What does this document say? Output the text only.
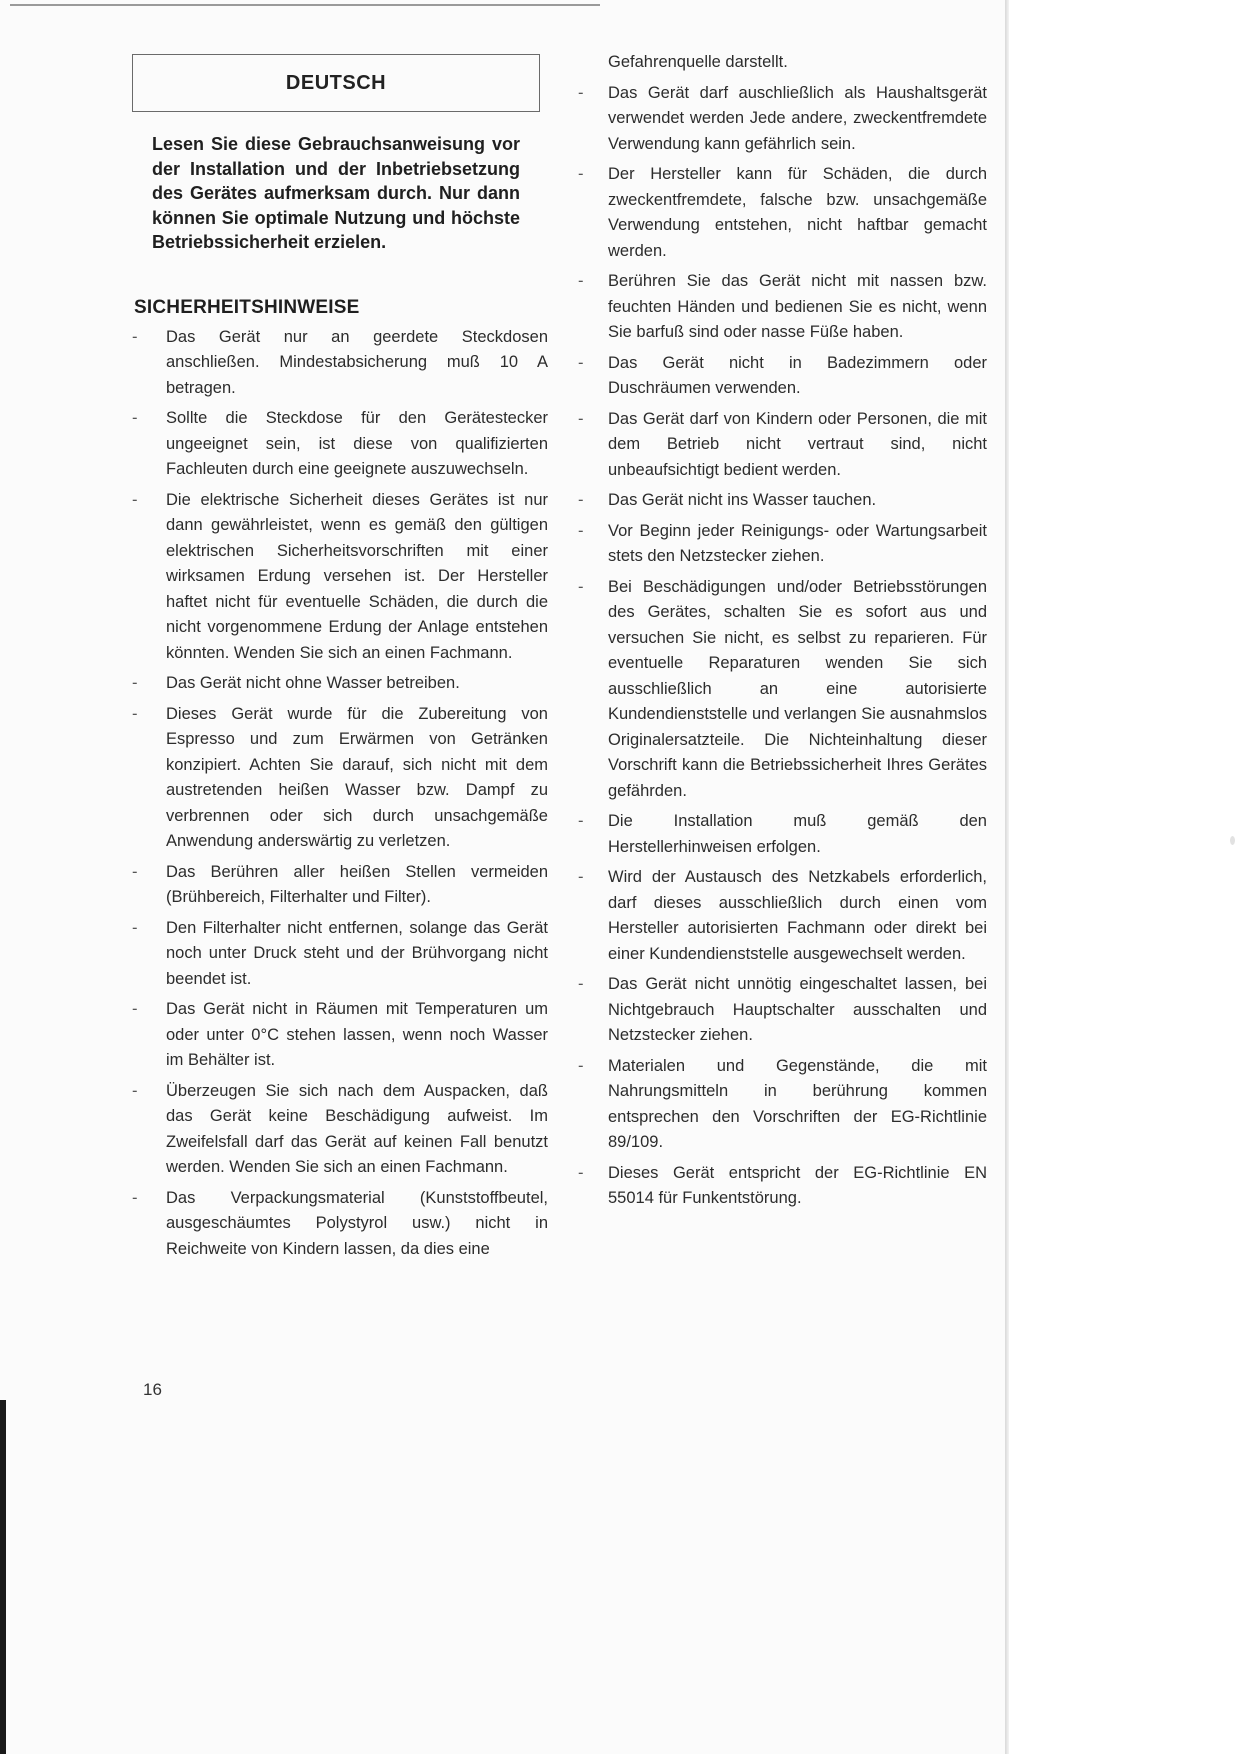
DEUTSCH
Lesen Sie diese Gebrauchsanweisung vor der Installation und der Inbetriebsetzung des Gerätes aufmerksam durch. Nur dann können Sie optimale Nutzung und höchste Betriebssicherheit erzielen.
SICHERHEITSHINWEISE
- Das Gerät nur an geerdete Steckdosen anschließen. Mindestabsicherung muß 10 A betragen.
- Sollte die Steckdose für den Gerätestecker ungeeignet sein, ist diese von qualifizierten Fachleuten durch eine geeignete auszuwechseln.
- Die elektrische Sicherheit dieses Gerätes ist nur dann gewährleistet, wenn es gemäß den gültigen elektrischen Sicherheitsvorschriften mit einer wirksamen Erdung versehen ist. Der Hersteller haftet nicht für eventuelle Schäden, die durch die nicht vorgenommene Erdung der Anlage entstehen könnten. Wenden Sie sich an einen Fachmann.
- Das Gerät nicht ohne Wasser betreiben.
- Dieses Gerät wurde für die Zubereitung von Espresso und zum Erwärmen von Getränken konzipiert. Achten Sie darauf, sich nicht mit dem austretenden heißen Wasser bzw. Dampf zu verbrennen oder sich durch unsachgemäße Anwendung anderswärtig zu verletzen.
- Das Berühren aller heißen Stellen vermeiden (Brühbereich, Filterhalter und Filter).
- Den Filterhalter nicht entfernen, solange das Gerät noch unter Druck steht und der Brühvorgang nicht beendet ist.
- Das Gerät nicht in Räumen mit Temperaturen um oder unter 0°C stehen lassen, wenn noch Wasser im Behälter ist.
- Überzeugen Sie sich nach dem Auspacken, daß das Gerät keine Beschädigung aufweist. Im Zweifelsfall darf das Gerät auf keinen Fall benutzt werden. Wenden Sie sich an einen Fachmann.
- Das Verpackungsmaterial (Kunststoffbeutel, ausgeschäumtes Polystyrol usw.) nicht in Reichweite von Kindern lassen, da dies eine
Gefahrenquelle darstellt.
- Das Gerät darf auschließlich als Haushaltsgerät verwendet werden Jede andere, zweckentfremdete Verwendung kann gefährlich sein.
- Der Hersteller kann für Schäden, die durch zweckentfremdete, falsche bzw. unsachgemäße Verwendung entstehen, nicht haftbar gemacht werden.
- Berühren Sie das Gerät nicht mit nassen bzw. feuchten Händen und bedienen Sie es nicht, wenn Sie barfuß sind oder nasse Füße haben.
- Das Gerät nicht in Badezimmern oder Duschräumen verwenden.
- Das Gerät darf von Kindern oder Personen, die mit dem Betrieb nicht vertraut sind, nicht unbeaufsichtigt bedient werden.
- Das Gerät nicht ins Wasser tauchen.
- Vor Beginn jeder Reinigungs- oder Wartungsarbeit stets den Netzstecker ziehen.
- Bei Beschädigungen und/oder Betriebsstörungen des Gerätes, schalten Sie es sofort aus und versuchen Sie nicht, es selbst zu reparieren. Für eventuelle Reparaturen wenden Sie sich ausschließlich an eine autorisierte Kundendienststelle und verlangen Sie ausnahmslos Originalersatzteile. Die Nichteinhaltung dieser Vorschrift kann die Betriebssicherheit Ihres Gerätes gefährden.
- Die Installation muß gemäß den Herstellerhinweisen erfolgen.
- Wird der Austausch des Netzkabels erforderlich, darf dieses ausschließlich durch einen vom Hersteller autorisierten Fachmann oder direkt bei einer Kundendienststelle ausgewechselt werden.
- Das Gerät nicht unnötig eingeschaltet lassen, bei Nichtgebrauch Hauptschalter ausschalten und Netzstecker ziehen.
- Materialen und Gegenstände, die mit Nahrungsmitteln in berührung kommen entsprechen den Vorschriften der EG-Richtlinie 89/109.
- Dieses Gerät entspricht der EG-Richtlinie EN 55014 für Funkentstörung.
16
